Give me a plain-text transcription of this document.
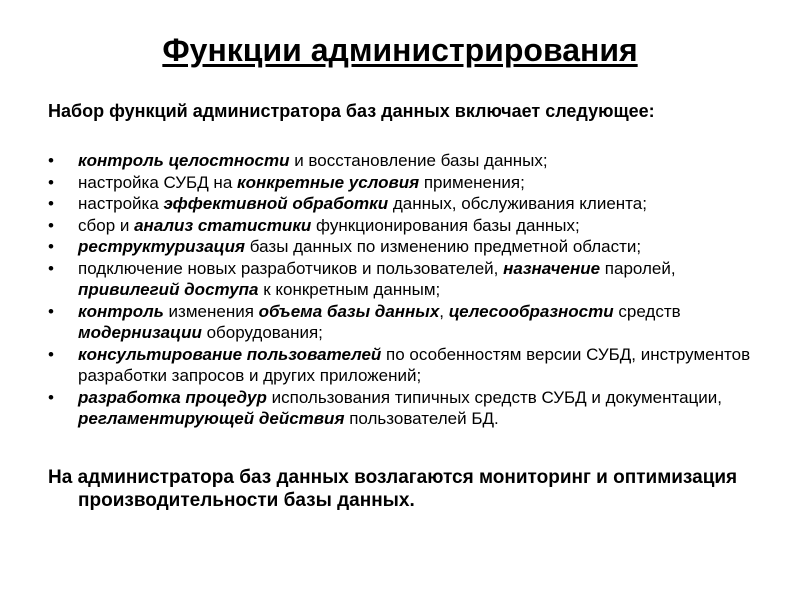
Функции администрирования
Набор функций администратора баз данных включает следующее:
• контроль целостности и восстановление базы данных;
• настройка СУБД на конкретные условия применения;
• настройка эффективной обработки данных, обслуживания клиента;
• сбор и анализ статистики функционирования базы данных;
• реструктуризация базы данных по изменению предметной области;
• подключение новых разработчиков и пользователей, назначение паролей, привилегий доступа к конкретным данным;
• контроль изменения объема базы данных, целесообразности средств модернизации оборудования;
• консультирование пользователей по особенностям версии СУБД, инструментов разработки запросов и других приложений;
• разработка процедур использования типичных средств СУБД и документации, регламентирующей действия пользователей БД.
На администратора баз данных возлагаются мониторинг и оптимизация производительности базы данных.
